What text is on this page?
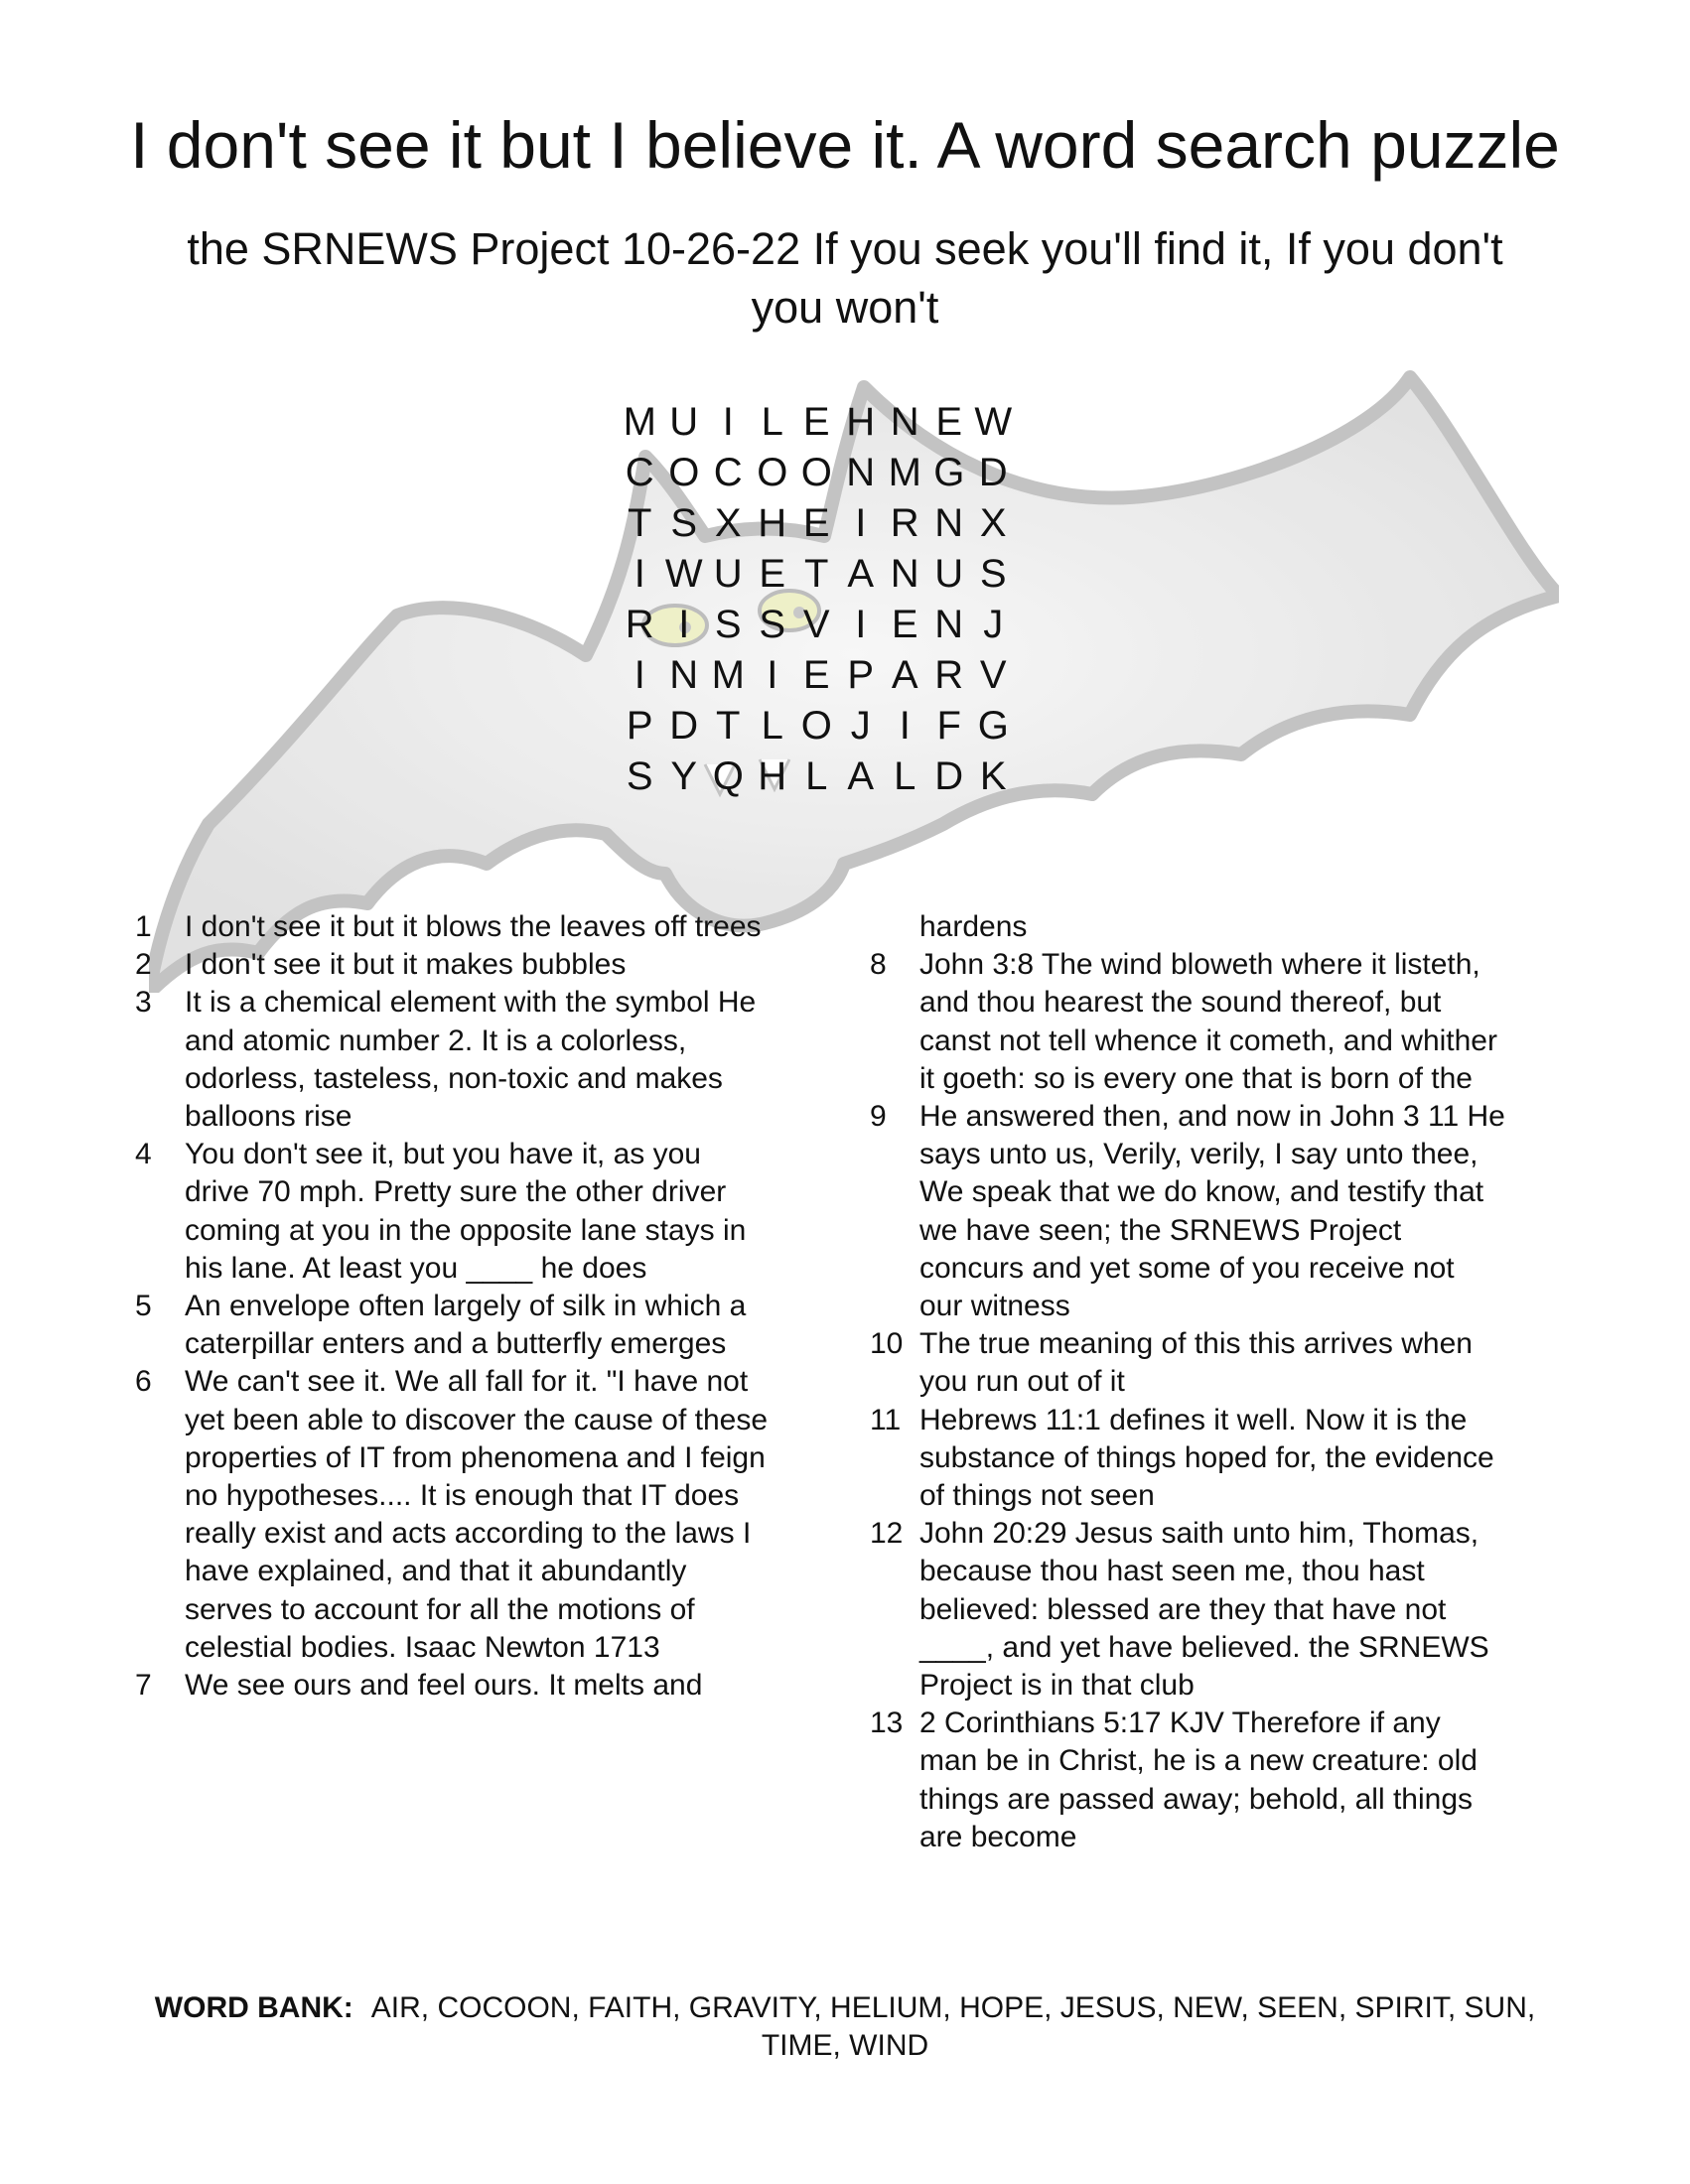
I don't see it but I believe it. A word search puzzle
the SRNEWS Project 10-26-22 If you seek you'll find it, If you don't you won't
M U I L E H N E W
C O C O O N M G D
T S X H E I R N X
I W U E T A N U S
R I S S V I E N J
I N M I E P A R V
P D T L O J I F G
S Y Q H L A L D K
1	I don't see it but it blows the leaves off trees
2	I don't see it but it makes bubbles
3	It is a chemical element with the symbol He and atomic number 2. It is a colorless, odorless, tasteless, non-toxic and makes balloons rise
4	You don't see it, but you have it, as you drive 70 mph. Pretty sure the other driver coming at you in the opposite lane stays in his lane. At least you ____ he does
5	An envelope often largely of silk in which a caterpillar enters and a butterfly emerges
6	We can't see it. We all fall for it. "I have not yet been able to discover the cause of these properties of IT from phenomena and I feign no hypotheses.... It is enough that IT does really exist and acts according to the laws I have explained, and that it abundantly serves to account for all the motions of celestial bodies. Isaac Newton 1713
7	We see ours and feel ours. It melts and
hardens
8	John 3:8 The wind bloweth where it listeth, and thou hearest the sound thereof, but canst not tell whence it cometh, and whither it goeth: so is every one that is born of the
9	He answered then, and now in John 3 11 He says unto us, Verily, verily, I say unto thee, We speak that we do know, and testify that we have seen; the SRNEWS Project concurs and yet some of you receive not our witness
10 The true meaning of this this arrives when you run out of it
11 Hebrews 11:1 defines it well. Now it is the substance of things hoped for, the evidence of things not seen
12 John 20:29 Jesus saith unto him, Thomas, because thou hast seen me, thou hast believed: blessed are they that have not ____, and yet have believed. the SRNEWS Project is in that club
13 2 Corinthians 5:17 KJV Therefore if any man be in Christ, he is a new creature: old things are passed away; behold, all things are become
WORD BANK: AIR, COCOON, FAITH, GRAVITY, HELIUM, HOPE, JESUS, NEW, SEEN, SPIRIT, SUN, TIME, WIND
